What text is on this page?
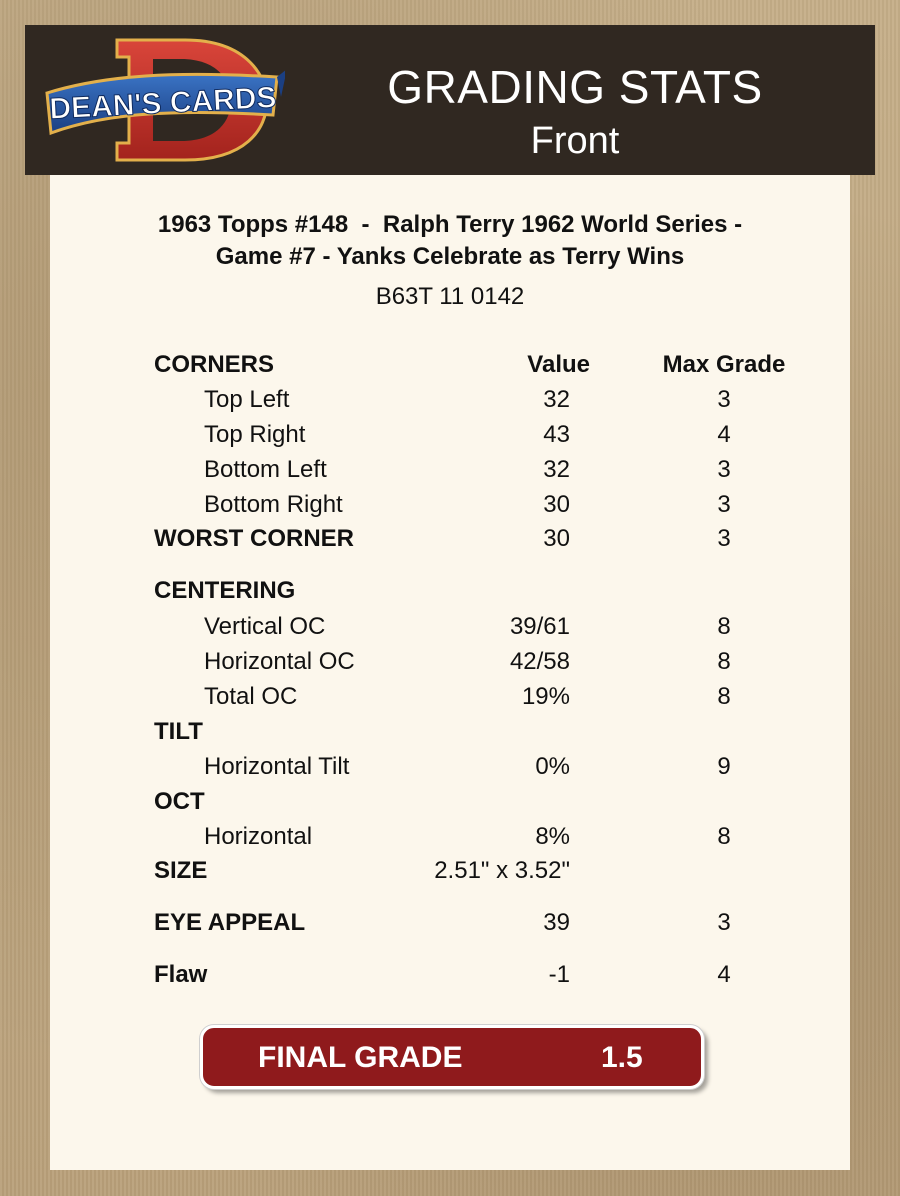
DEAN'S CARDS	GRADING STATS
Front
1963 Topps #148  -  Ralph Terry 1962 World Series -
Game #7 - Yanks Celebrate as Terry Wins
B63T 11 0142
CORNERS	Value	Max Grade
Top Left	32	3
Top Right	43	4
Bottom Left	32	3
Bottom Right	30	3
WORST CORNER	30	3
CENTERING
Vertical OC	39/61	8
Horizontal OC	42/58	8
Total OC	19%	8
TILT
Horizontal Tilt	0%	9
OCT
Horizontal	8%	8
SIZE	2.51" x 3.52"
EYE APPEAL	39	3
Flaw	-1	4
FINAL GRADE	1.5
